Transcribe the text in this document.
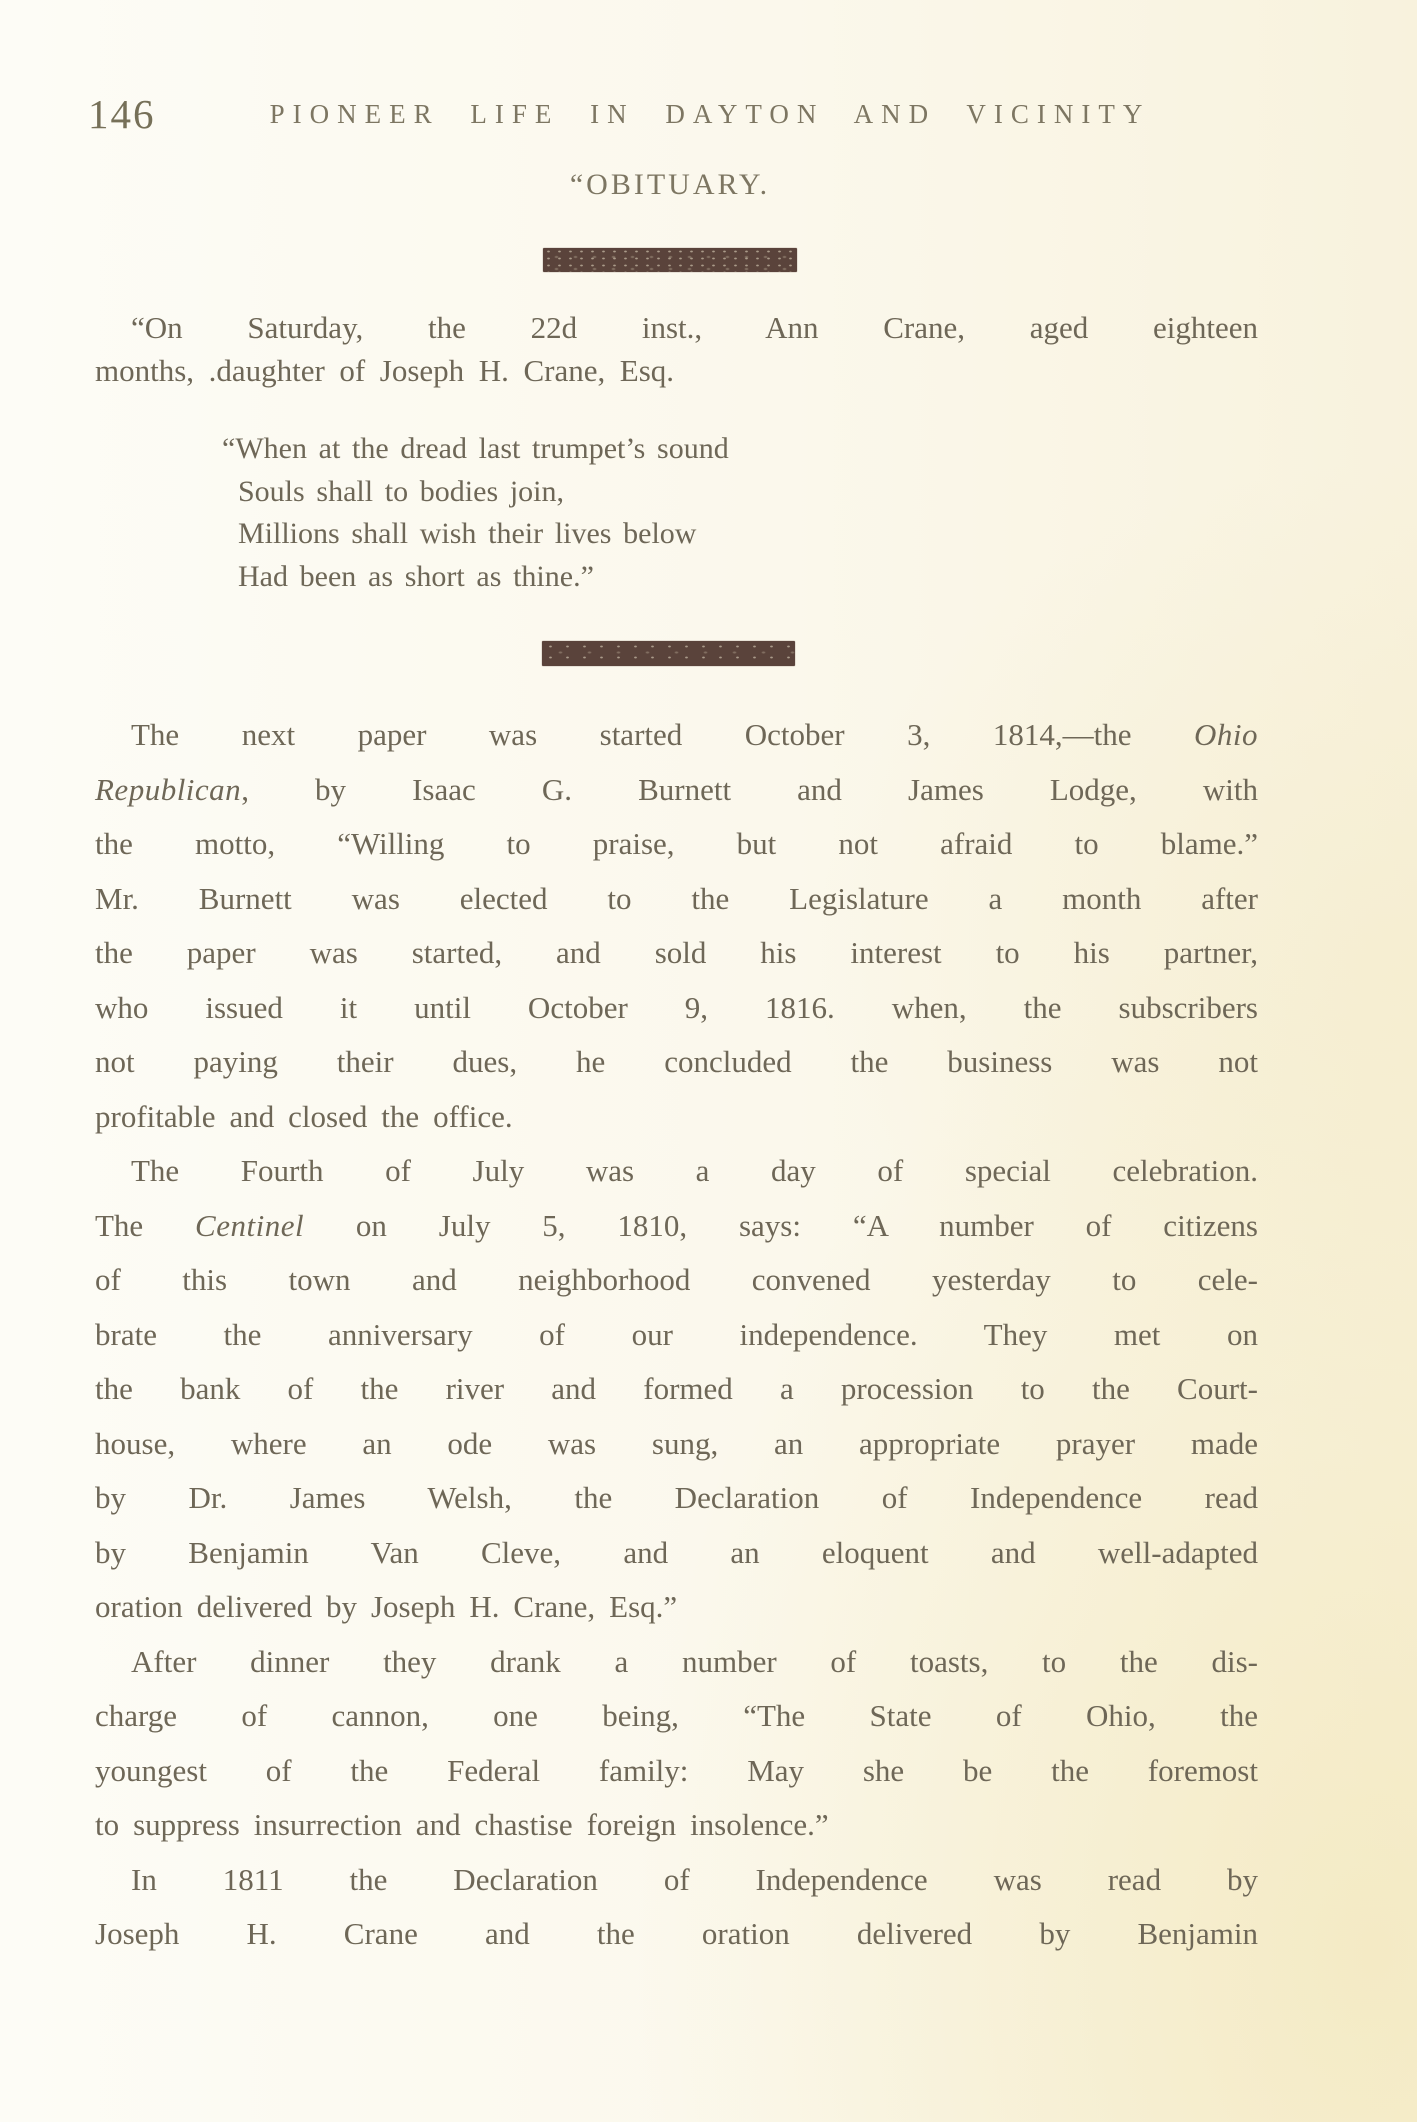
146	PIONEER LIFE IN DAYTON AND VICINITY
“OBITUARY.
“On Saturday, the 22d inst., Ann Crane, aged eighteen
months, .daughter of Joseph H. Crane, Esq.
“When at the dread last trumpet’s sound
Souls shall to bodies join,
Millions shall wish their lives below
Had been as short as thine.”
The next paper was started October 3, 1814,—the Ohio
Republican, by Isaac G. Burnett and James Lodge, with
the motto, “Willing to praise, but not afraid to blame.”
Mr. Burnett was elected to the Legislature a month after
the paper was started, and sold his interest to his partner,
who issued it until October 9, 1816. when, the subscribers
not paying their dues, he concluded the business was not
profitable and closed the office.
The Fourth of July was a day of special celebration.
The Centinel on July 5, 1810, says: “A number of citizens
of this town and neighborhood convened yesterday to cele-
brate the anniversary of our independence. They met on
the bank of the river and formed a procession to the Court-
house, where an ode was sung, an appropriate prayer made
by Dr. James Welsh, the Declaration of Independence read
by Benjamin Van Cleve, and an eloquent and well-adapted
oration delivered by Joseph H. Crane, Esq.”
After dinner they drank a number of toasts, to the dis-
charge of cannon, one being, “The State of Ohio, the
youngest of the Federal family: May she be the foremost
to suppress insurrection and chastise foreign insolence.”
In 1811 the Declaration of Independence was read by
Joseph H. Crane and the oration delivered by Benjamin
